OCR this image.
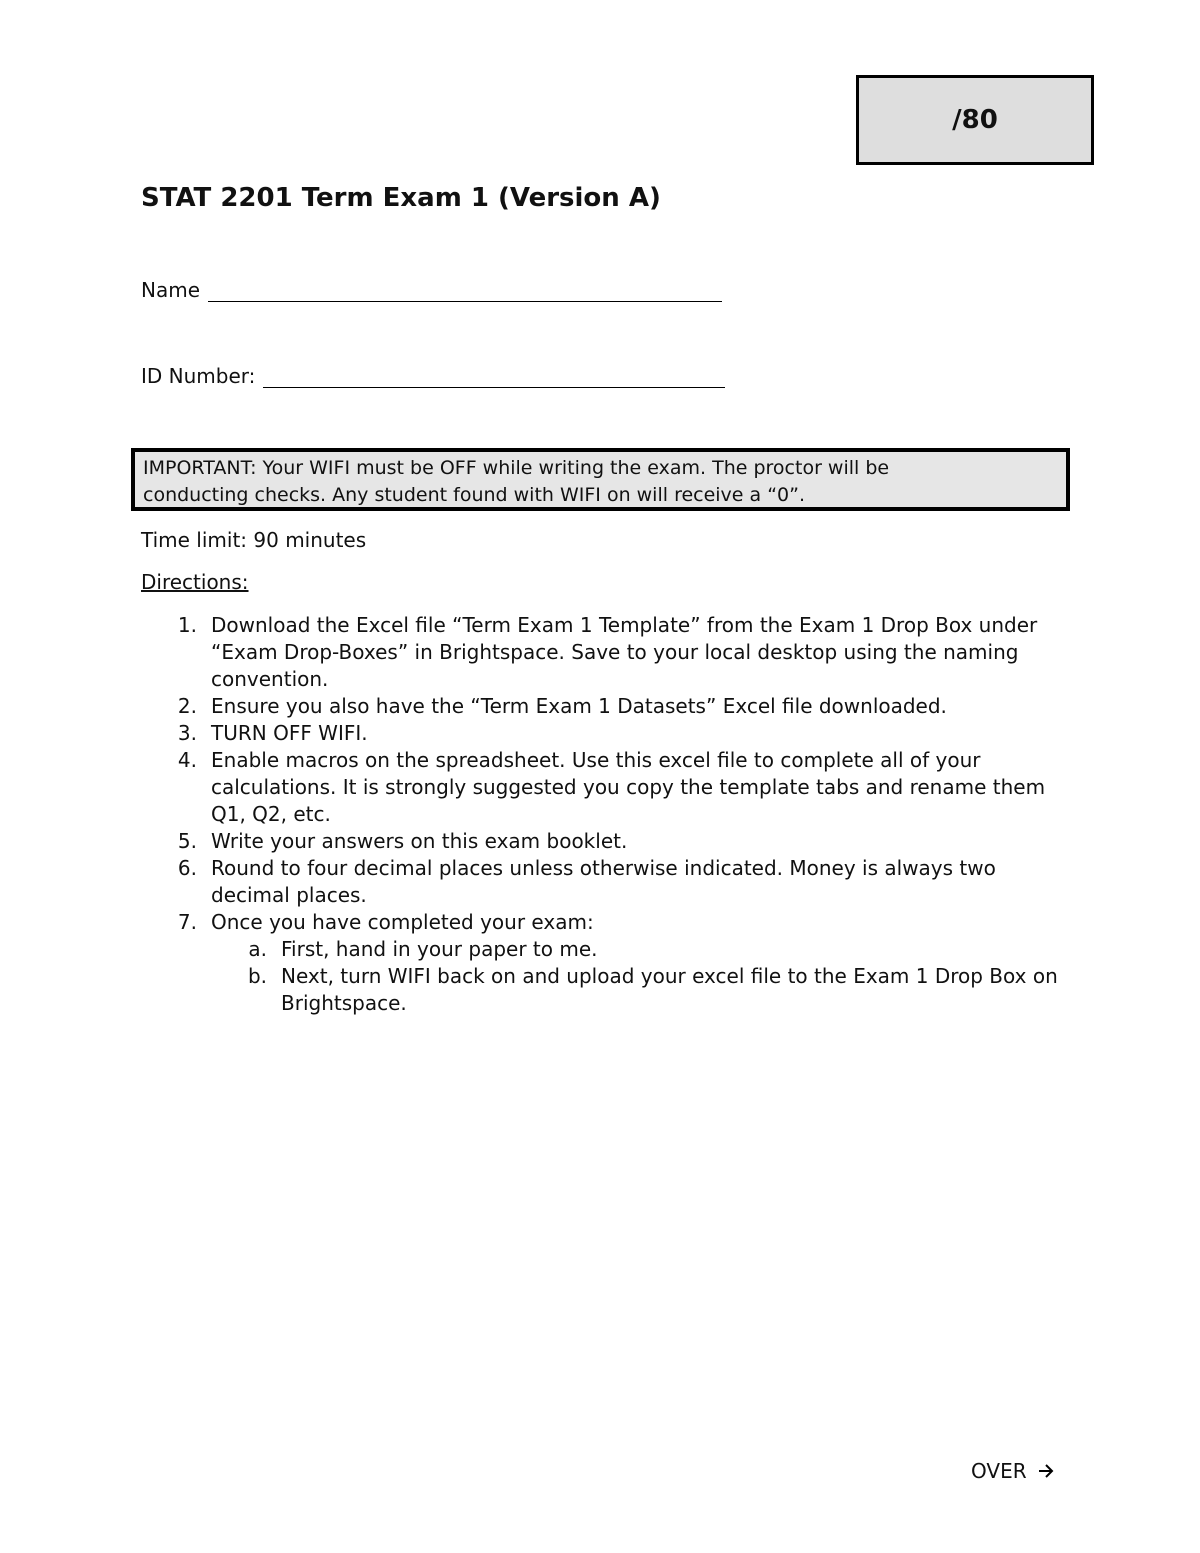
/80
STAT 2201 Term Exam 1 (Version A)
Name
ID Number:
IMPORTANT: Your WIFI must be OFF while writing the exam. The proctor will be
conducting checks. Any student found with WIFI on will receive a “0”.
Time limit: 90 minutes
Directions:
1. Download the Excel file “Term Exam 1 Template” from the Exam 1 Drop Box under “Exam Drop-Boxes” in Brightspace. Save to your local desktop using the naming convention.
2. Ensure you also have the “Term Exam 1 Datasets” Excel file downloaded.
3. TURN OFF WIFI.
4. Enable macros on the spreadsheet. Use this excel file to complete all of your calculations. It is strongly suggested you copy the template tabs and rename them Q1, Q2, etc.
5. Write your answers on this exam booklet.
6. Round to four decimal places unless otherwise indicated. Money is always two decimal places.
7. Once you have completed your exam:
a. First, hand in your paper to me.
b. Next, turn WIFI back on and upload your excel file to the Exam 1 Drop Box on Brightspace.
OVER
